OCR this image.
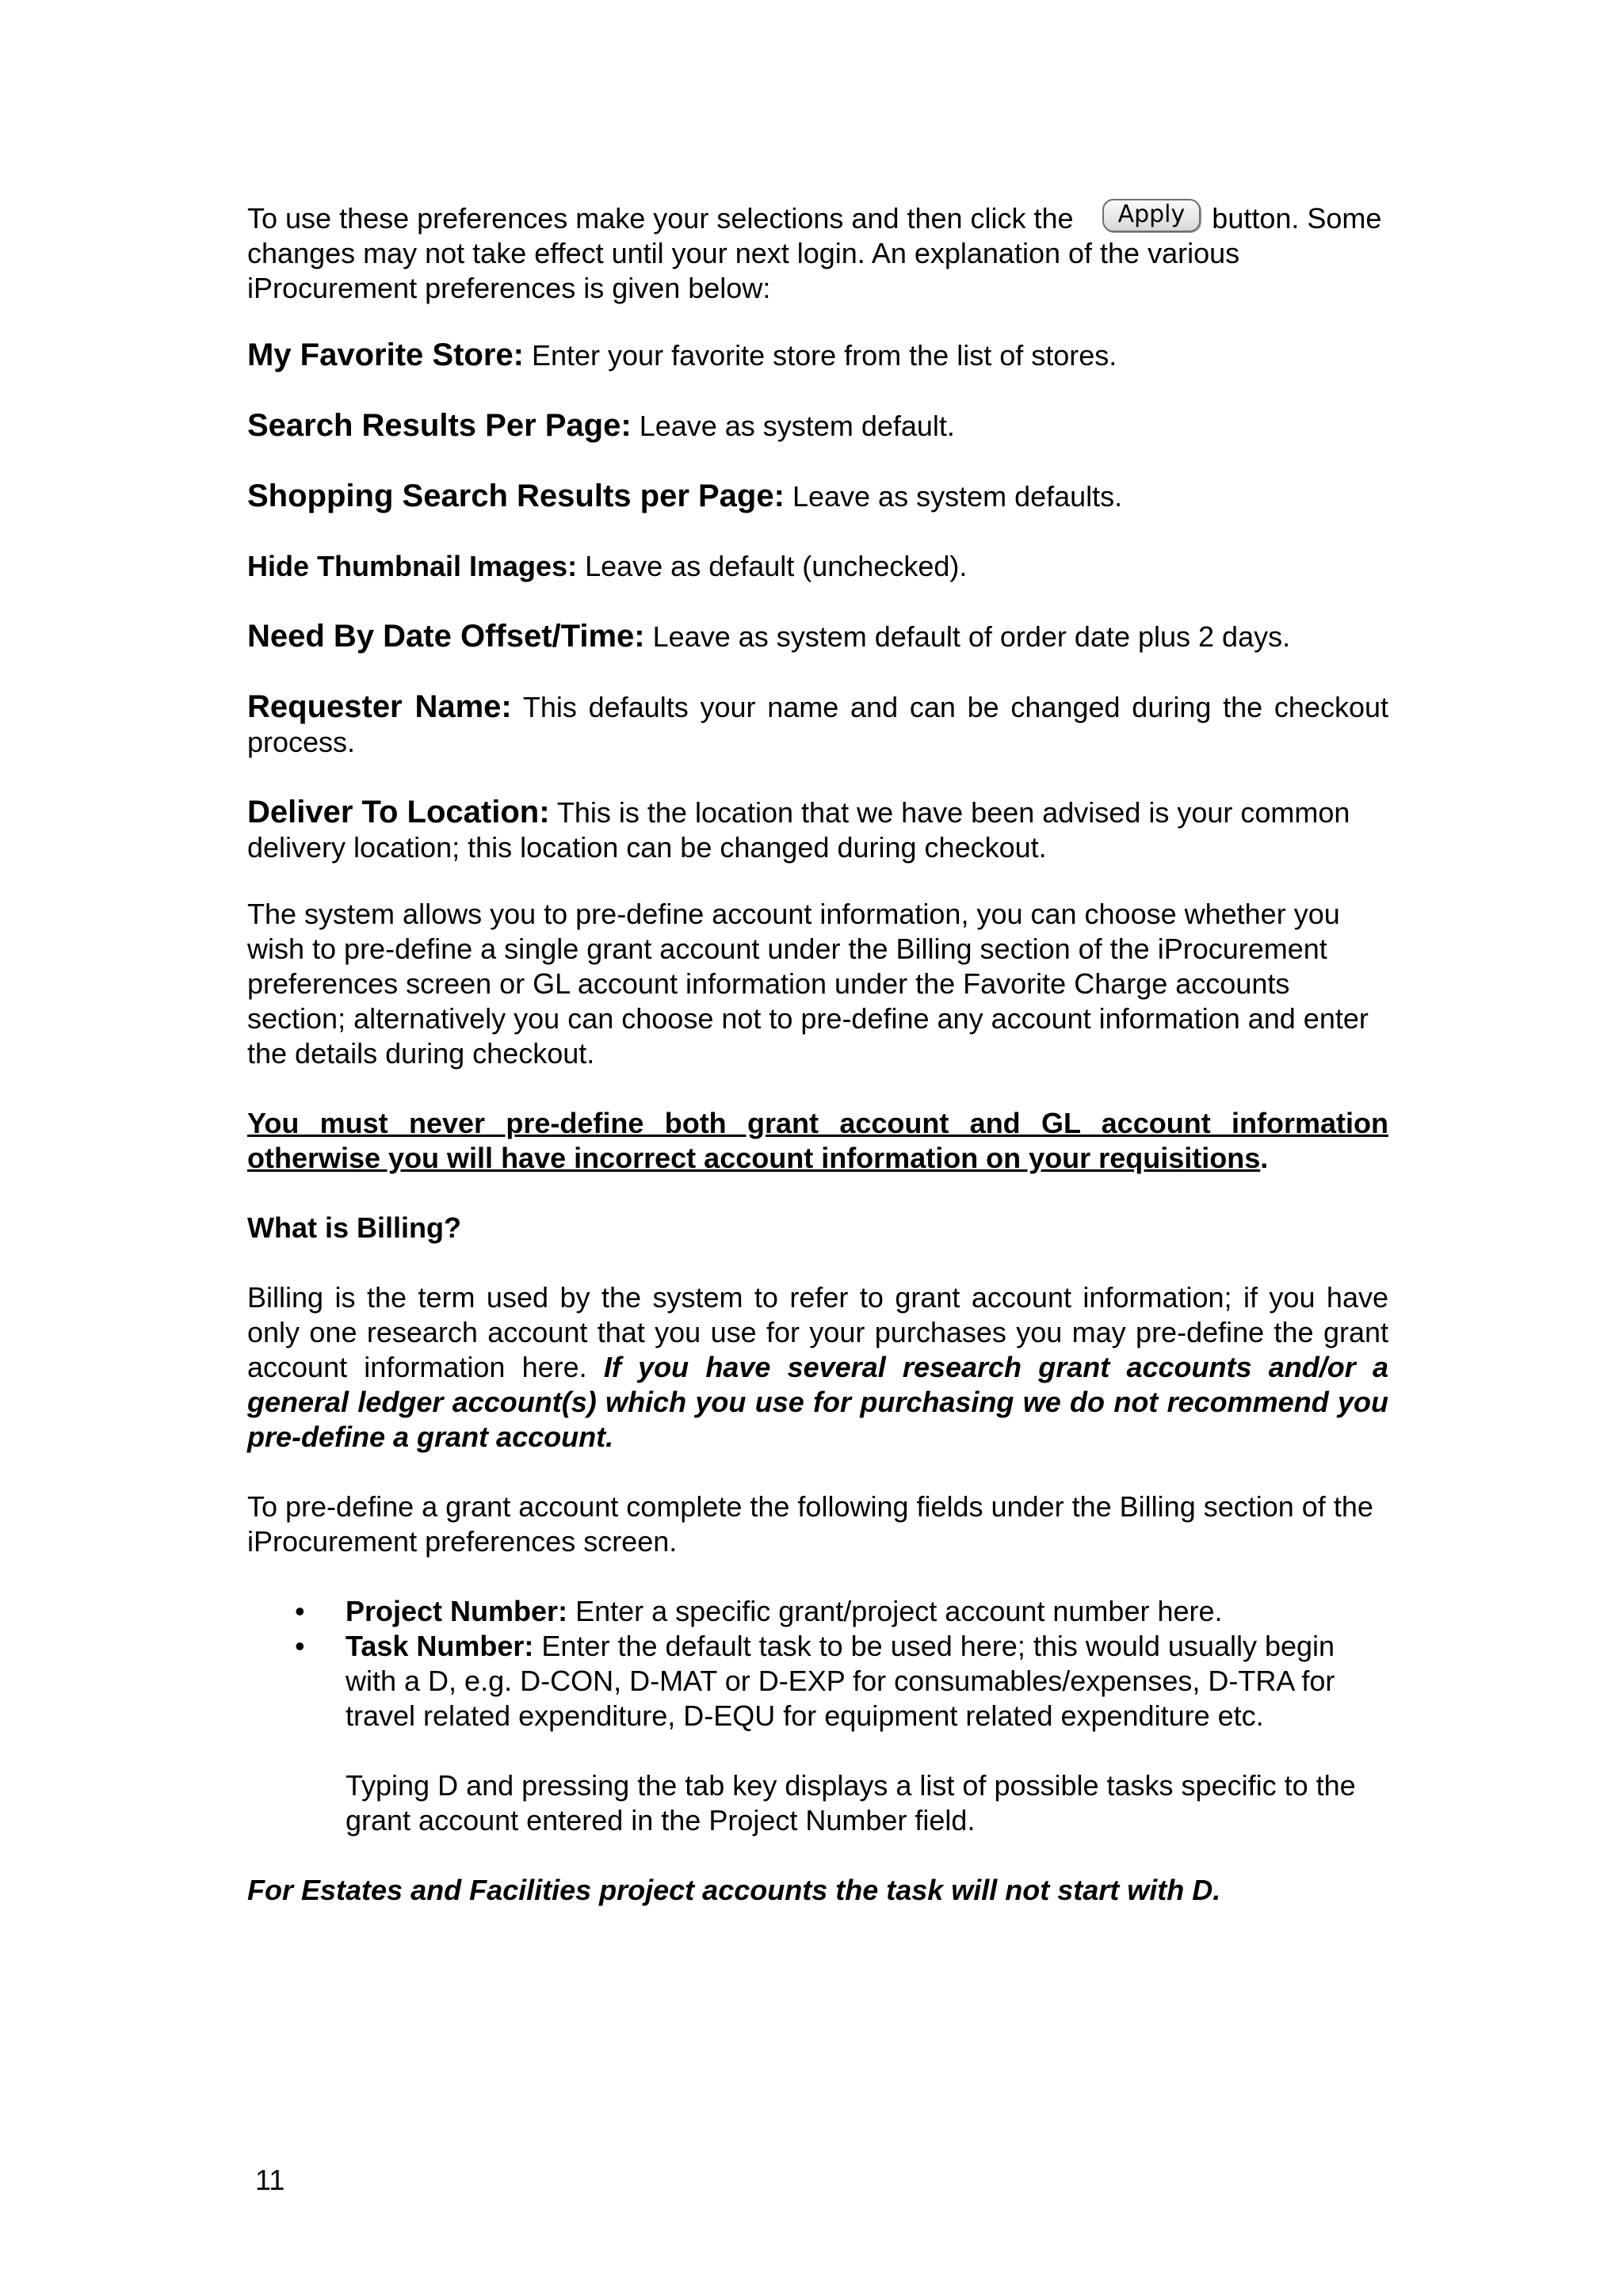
To use these preferences make your selections and then click the Apply button. Some changes may not take effect until your next login. An explanation of the various iProcurement preferences is given below:

My Favorite Store: Enter your favorite store from the list of stores.

Search Results Per Page: Leave as system default.

Shopping Search Results per Page: Leave as system defaults.

Hide Thumbnail Images: Leave as default (unchecked).

Need By Date Offset/Time: Leave as system default of order date plus 2 days.

Requester Name: This defaults your name and can be changed during the checkout process.

Deliver To Location: This is the location that we have been advised is your common delivery location; this location can be changed during checkout.

The system allows you to pre-define account information, you can choose whether you wish to pre-define a single grant account under the Billing section of the iProcurement preferences screen or GL account information under the Favorite Charge accounts section; alternatively you can choose not to pre-define any account information and enter the details during checkout.

You must never pre-define both grant account and GL account information otherwise you will have incorrect account information on your requisitions.

What is Billing?

Billing is the term used by the system to refer to grant account information; if you have only one research account that you use for your purchases you may pre-define the grant account information here. If you have several research grant accounts and/or a general ledger account(s) which you use for purchasing we do not recommend you pre-define a grant account.

To pre-define a grant account complete the following fields under the Billing section of the iProcurement preferences screen.

• Project Number: Enter a specific grant/project account number here.
• Task Number: Enter the default task to be used here; this would usually begin with a D, e.g. D-CON, D-MAT or D-EXP for consumables/expenses, D-TRA for travel related expenditure, D-EQU for equipment related expenditure etc.

Typing D and pressing the tab key displays a list of possible tasks specific to the grant account entered in the Project Number field.

For Estates and Facilities project accounts the task will not start with D.

11
